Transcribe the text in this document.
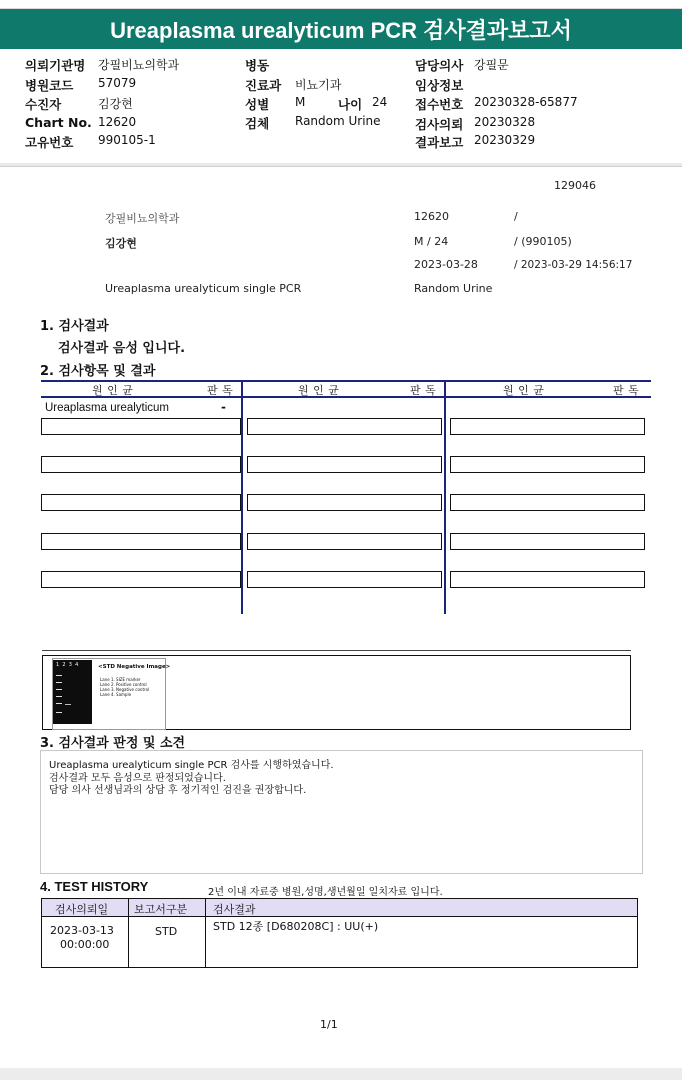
Ureaplasma urealyticum PCR 검사결과보고서
의뢰기관명 강필비뇨의학과
병원코드 57079
수진자	김강현
Chart No. 12620
고유번호 990105-1
병동
진료과 비뇨기과
성별 M	나이 24
검체 Random Urine
담당의사 강필문
임상정보
접수번호 20230328-65877
검사의뢰 20230328
결과보고 20230329
129046
강필비뇨의학과	12620	/
김강현	M / 24	/ (990105)
2023-03-28	/ 2023-03-29 14:56:17
Ureaplasma urealyticum single PCR	Random Urine
1. 검사결과
검사결과 음성 입니다.
2. 검사항목 및 결과
원 인 균	판 독	원 인 균	판 독	원 인 균	판 독
Ureaplasma urealyticum	-
1  2  3  4	<STD Negative Image>
Lane 1. SIZE marker
Lane 2. Positive control
Lane 3. Negative control
Lane 4. Sample
3. 검사결과 판정 및 소견
Ureaplasma urealyticum single PCR 검사를 시행하였습니다.
검사결과 모두 음성으로 판정되었습니다.
담당 의사 선생님과의 상담 후 정기적인 검진을 권장합니다.
4. TEST HISTORY	2년 이내 자료중 병원,성명,생년월일 일치자료 입니다.
검사의뢰일 보고서구분 검사결과
2023-03-13
00:00:00
STD	STD 12종 [D680208C] : UU(+)
1/1
